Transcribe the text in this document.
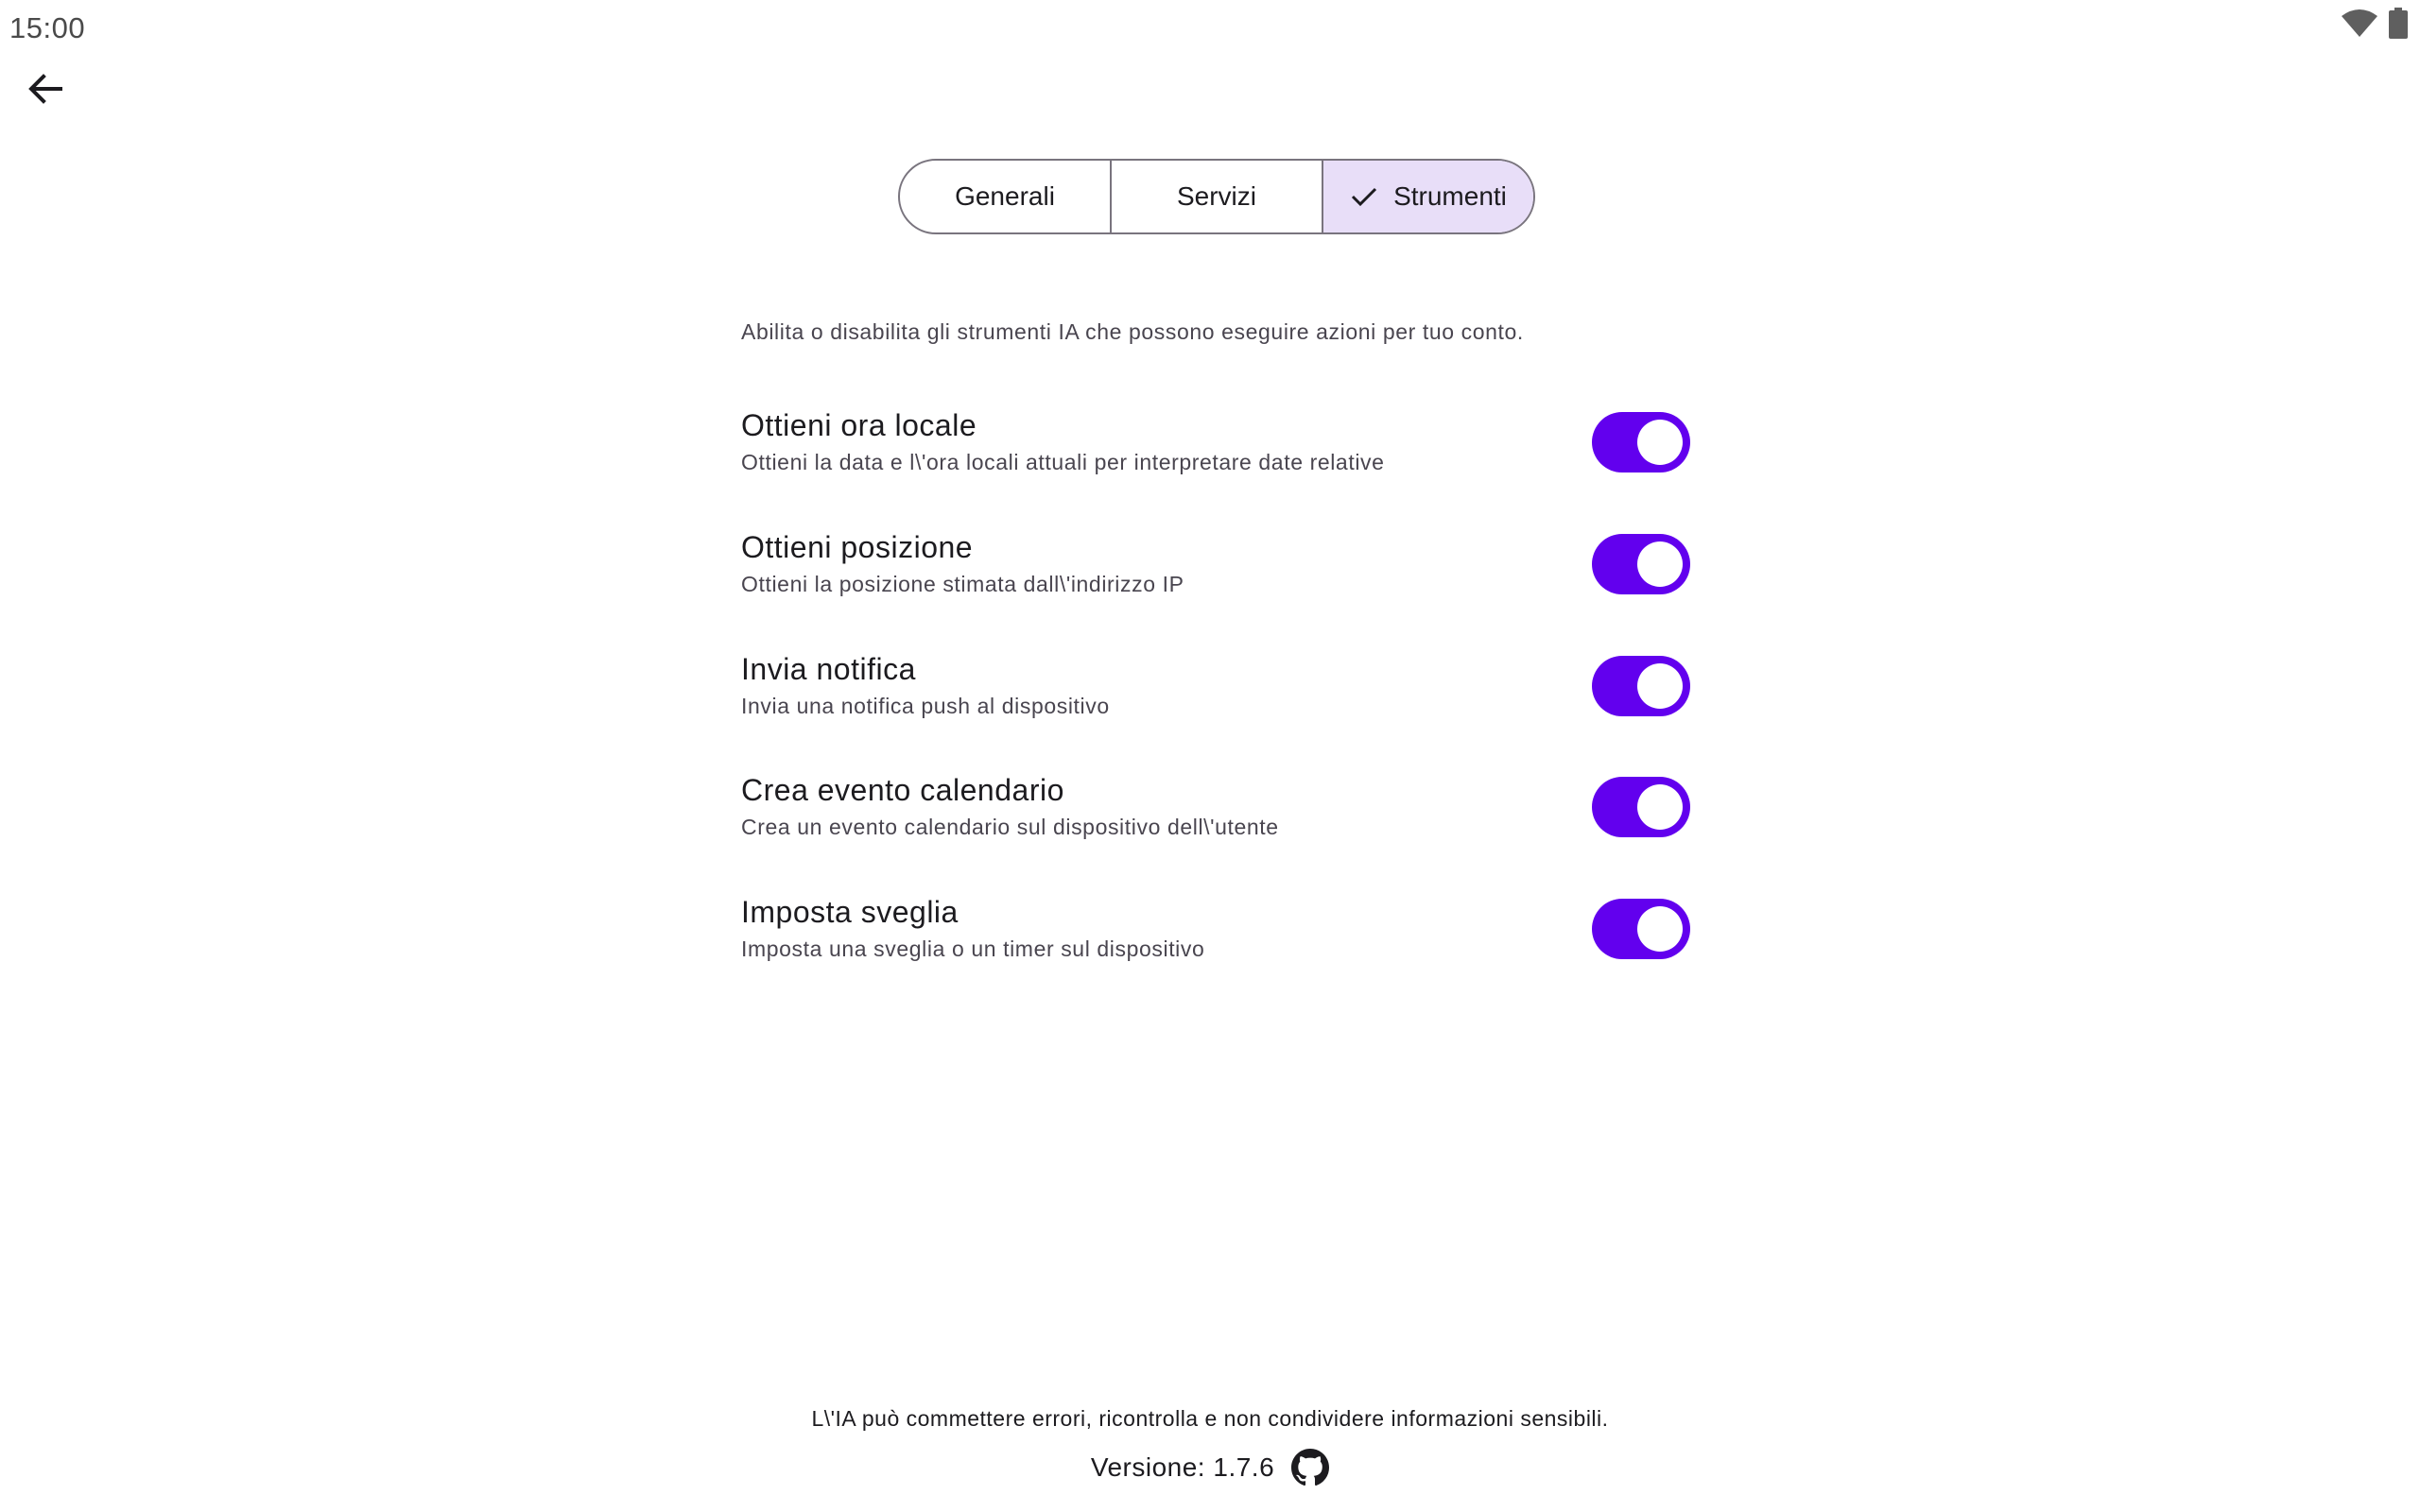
15:00
Generali	Servizi	Strumenti
Abilita o disabilita gli strumenti IA che possono eseguire azioni per tuo conto.
Ottieni ora locale
Ottieni la data e l\'ora locali attuali per interpretare date relative
Ottieni posizione
Ottieni la posizione stimata dall\'indirizzo IP
Invia notifica
Invia una notifica push al dispositivo
Crea evento calendario
Crea un evento calendario sul dispositivo dell\'utente
Imposta sveglia
Imposta una sveglia o un timer sul dispositivo
L\'IA può commettere errori, ricontrolla e non condividere informazioni sensibili.
Versione: 1.7.6
